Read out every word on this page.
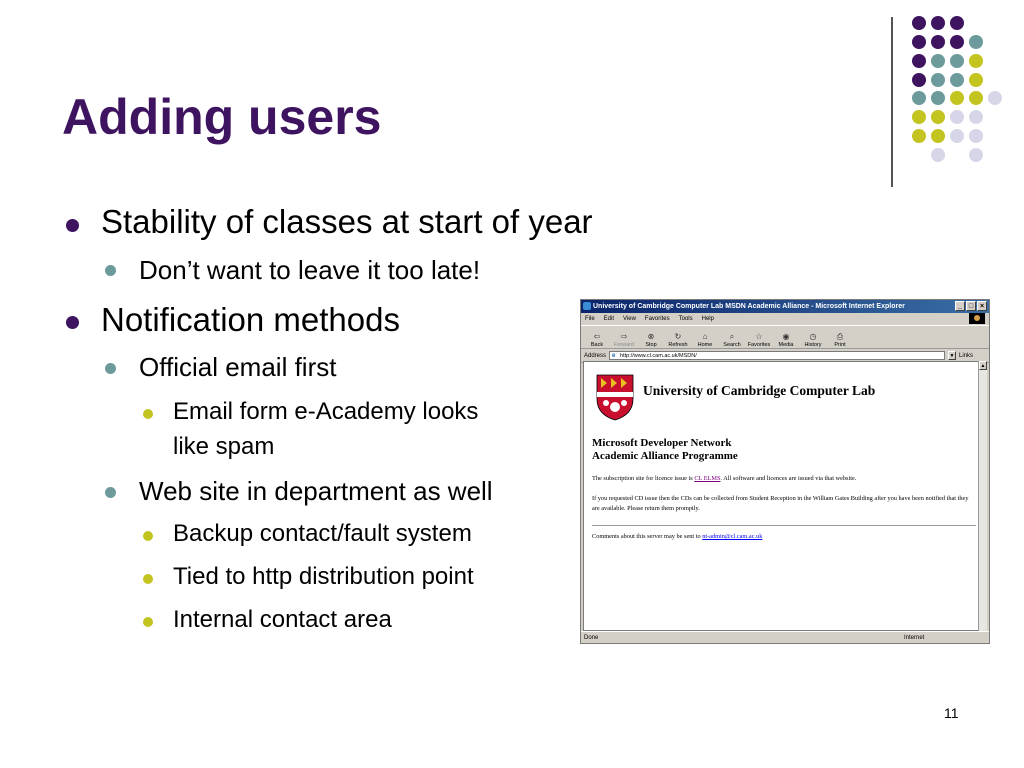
Adding users
Stability of classes at start of year
Don’t want to leave it too late!
Notification methods
Official email first
Email form e-Academy looks
like spam
Web site in department as well
Backup contact/fault system
Tied to http distribution point
Internal contact area
University of Cambridge Computer Lab MSDN Academic Alliance - Microsoft Internet Explorer	_ □ ×
File Edit View Favorites Tools Help
⇦
Back
⇨
Forward
⊗
Stop
↻
Refresh
⌂
Home
⌕
Search
☆
Favorites
◉
Media
◷
History
⎙
Print
Address
e	http://www.cl.cam.ac.uk/MSDN/	▼ Links
University of Cambridge Computer Lab
Microsoft Developer Network
Academic Alliance Programme
The subscription site for licence issue is CL ELMS. All software and licences are issued via that website.
If you requested CD issue then the CDs can be collected from Student Reception in the William Gates Building after you have been notified that they are available. Please return them promptly.
Comments about this server may be sent to nt-admin@cl.cam.ac.uk
▲
Done	Internet
11
